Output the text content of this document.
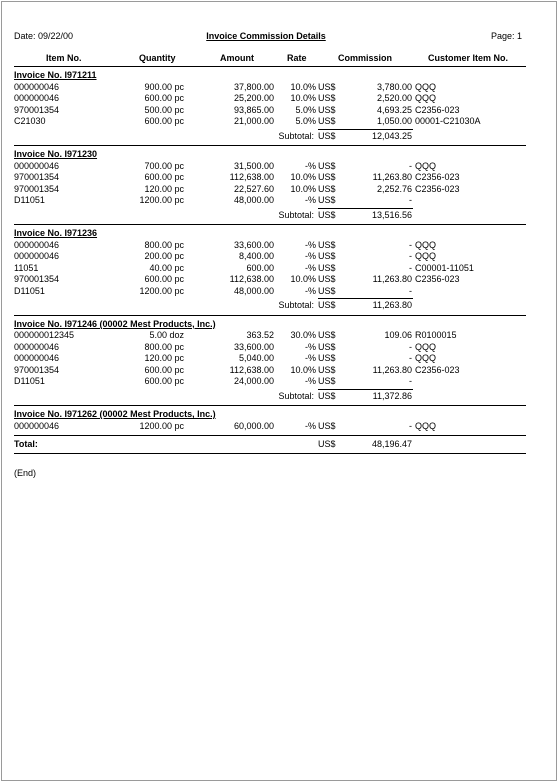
Date: 09/22/00	Invoice Commission Details	Page: 1
Item No.	Quantity	Amount	Rate	Commission	Customer Item No.
Invoice No. I971211
000000046	900.00 pc	37,800.00	10.0% US$	3,780.00 QQQ
000000046	600.00 pc	25,200.00	10.0% US$	2,520.00 QQQ
970001354	500.00 pc	93,865.00	5.0% US$	4,693.25 C2356-023
C21030	600.00 pc	21,000.00	5.0% US$	1,050.00 00001-C21030A
Subtotal: US$	12,043.25
Invoice No. I971230
000000046	700.00 pc	31,500.00	-% US$	- QQQ
970001354	600.00 pc	112,638.00	10.0% US$	11,263.80 C2356-023
970001354	120.00 pc	22,527.60	10.0% US$	2,252.76 C2356-023
D11051	1200.00 pc	48,000.00	-% US$	-
Subtotal: US$	13,516.56
Invoice No. I971236
000000046	800.00 pc	33,600.00	-% US$	- QQQ
000000046	200.00 pc	8,400.00	-% US$	- QQQ
11051	40.00 pc	600.00	-% US$	- C00001-11051
970001354	600.00 pc	112,638.00	10.0% US$	11,263.80 C2356-023
D11051	1200.00 pc	48,000.00	-% US$	-
Subtotal: US$	11,263.80
Invoice No. I971246 (00002 Mest Products, Inc.)
000000012345	5.00 doz	363.52	30.0% US$	109.06 R0100015
000000046	800.00 pc	33,600.00	-% US$	- QQQ
000000046	120.00 pc	5,040.00	-% US$	- QQQ
970001354	600.00 pc	112,638.00	10.0% US$	11,263.80 C2356-023
D11051	600.00 pc	24,000.00	-% US$	-
Subtotal: US$	11,372.86
Invoice No. I971262 (00002 Mest Products, Inc.)
000000046	1200.00 pc	60,000.00	-% US$	- QQQ
Total:	US$	48,196.47
(End)
